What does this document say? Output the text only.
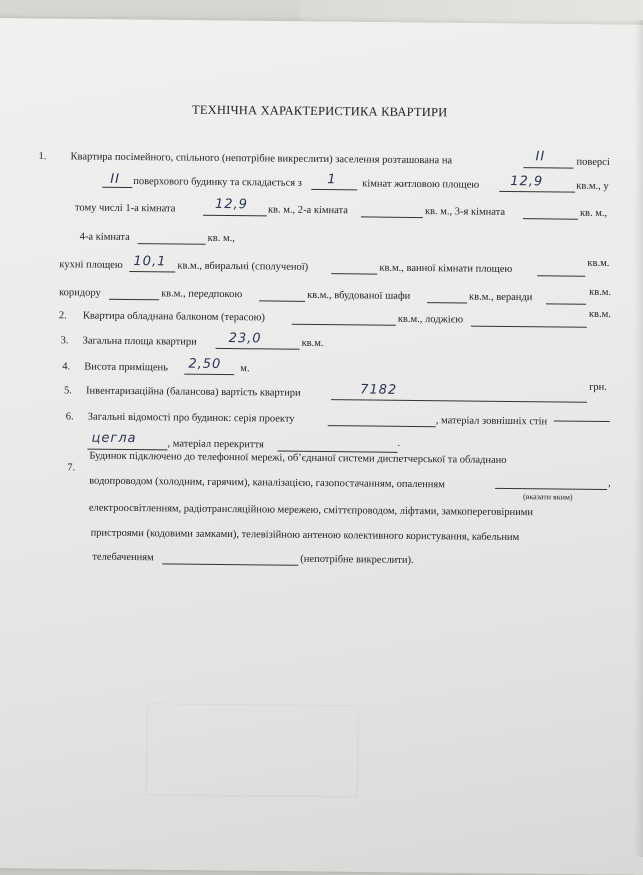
ТЕХНІЧНА ХАРАКТЕРИСТИКА КВАРТИРИ
1. Квартира посімейного, спільного (непотрібне викреслити) заселення розташована на	ІІ	поверсі
ІІ поверхового будинку та складається з 1 кімнат житловою площею 12,9	кв.м., у
тому числі 1-а кімната	12,9 кв. м., 2-а кімната	кв. м., 3-я кімната	кв. м.,
4-а кімната	кв. м.,
кухні площею 10,1 кв.м., вбиральні (сполученої)	кв.м., ванної кімнати площею	кв.м.
коридору	кв.м., передпокою	кв.м., вбудованої шафи	кв.м., веранди	кв.м.
2. Квартира обладнана балконом (терасою)	кв.м., лоджією	кв.м.
3. Загальна площа квартири 23,0	кв.м.
4. Висота приміщень 2,50 м.
5. Інвентаризаційна (балансова) вартість квартири	7182	грн.
6. Загальні відомості про будинок: серія проекту	, матеріал зовнішніх стін
цегла	, матеріал перекриття	.
7.
Будинок підключено до телефонної мережі, об’єднаної системи диспетчерської та обладнано
водопроводом (холодним, гарячим), каналізацією, газопостачанням, опаленням	,
(вказати яким)
електроосвітленням, радіотрансляційною мережею, сміттєпроводом, ліфтами, замкопереговірними
пристроями (кодовими замками), телевізійною антеною колективного користування, кабельним
телебаченням	(непотрібне викреслити).
